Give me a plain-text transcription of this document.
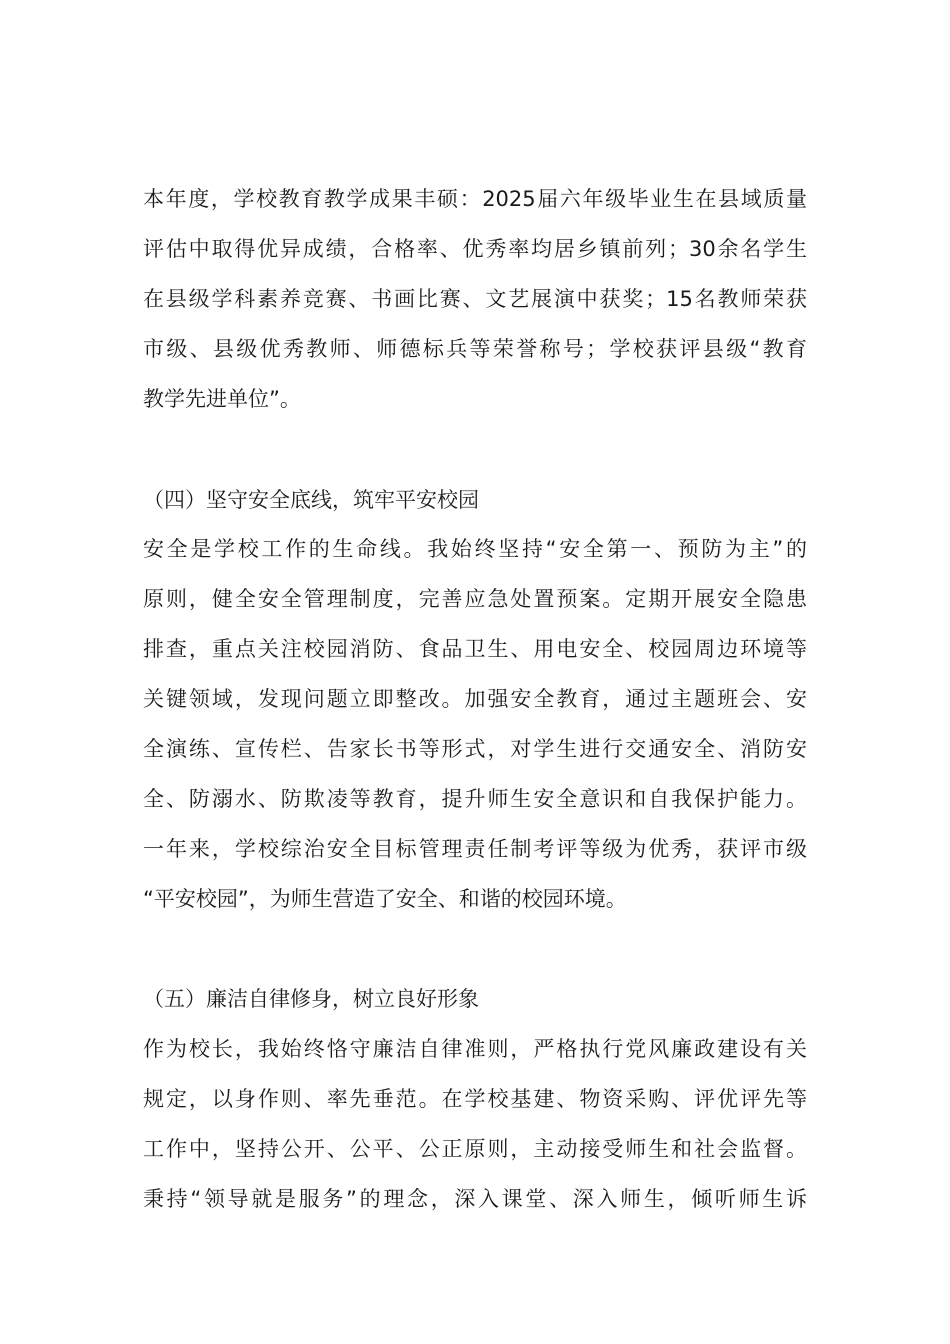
本年度，学校教育教学成果丰硕：2025届六年级毕业生在县域质量
评估中取得优异成绩，合格率、优秀率均居乡镇前列；30余名学生
在县级学科素养竞赛、书画比赛、文艺展演中获奖；15名教师荣获
市级、县级优秀教师、师德标兵等荣誉称号；学校获评县级“教育
教学先进单位”。
（四）坚守安全底线，筑牢平安校园
安全是学校工作的生命线。我始终坚持“安全第一、预防为主”的
原则，健全安全管理制度，完善应急处置预案。定期开展安全隐患
排查，重点关注校园消防、食品卫生、用电安全、校园周边环境等
关键领域，发现问题立即整改。加强安全教育，通过主题班会、安
全演练、宣传栏、告家长书等形式，对学生进行交通安全、消防安
全、防溺水、防欺凌等教育，提升师生安全意识和自我保护能力。
一年来，学校综治安全目标管理责任制考评等级为优秀，获评市级
“平安校园”，为师生营造了安全、和谐的校园环境。
（五）廉洁自律修身，树立良好形象
作为校长，我始终恪守廉洁自律准则，严格执行党风廉政建设有关
规定，以身作则、率先垂范。在学校基建、物资采购、评优评先等
工作中，坚持公开、公平、公正原则，主动接受师生和社会监督。
秉持“领导就是服务”的理念，深入课堂、深入师生，倾听师生诉
